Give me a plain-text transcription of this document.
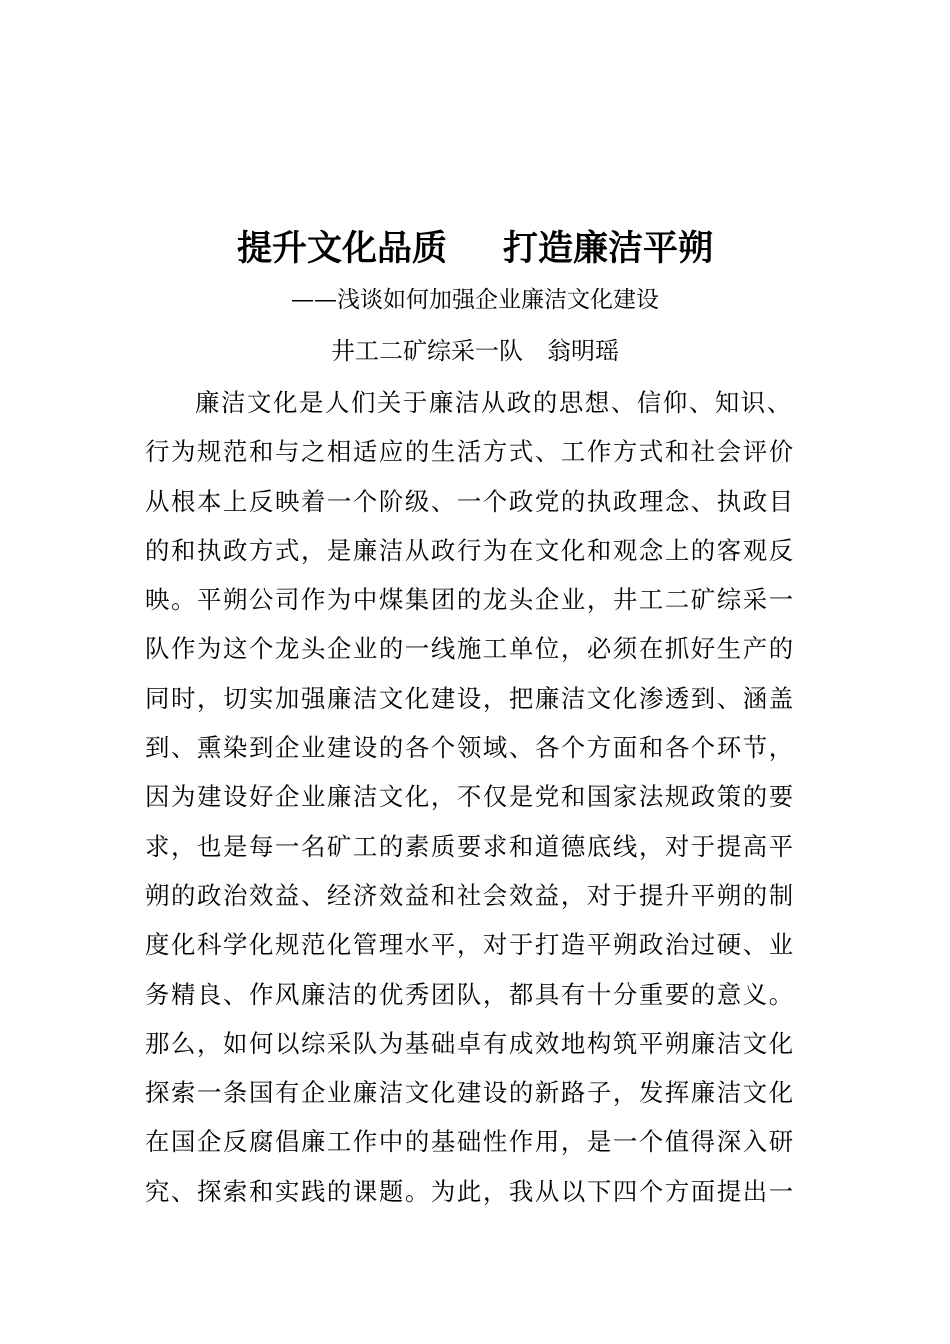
提升文化品质 打造廉洁平朔
——浅谈如何加强企业廉洁文化建设
井工二矿综采一队 翁明瑶
廉洁文化是人们关于廉洁从政的思想、信仰、知识、
行为规范和与之相适应的生活方式、工作方式和社会评价
从根本上反映着一个阶级、一个政党的执政理念、执政目
的和执政方式，是廉洁从政行为在文化和观念上的客观反
映。平朔公司作为中煤集团的龙头企业，井工二矿综采一
队作为这个龙头企业的一线施工单位，必须在抓好生产的
同时，切实加强廉洁文化建设，把廉洁文化渗透到、涵盖
到、熏染到企业建设的各个领域、各个方面和各个环节，
因为建设好企业廉洁文化，不仅是党和国家法规政策的要
求，也是每一名矿工的素质要求和道德底线，对于提高平
朔的政治效益、经济效益和社会效益，对于提升平朔的制
度化科学化规范化管理水平，对于打造平朔政治过硬、业
务精良、作风廉洁的优秀团队，都具有十分重要的意义。
那么，如何以综采队为基础卓有成效地构筑平朔廉洁文化
探索一条国有企业廉洁文化建设的新路子，发挥廉洁文化
在国企反腐倡廉工作中的基础性作用，是一个值得深入研
究、探索和实践的课题。为此，我从以下四个方面提出一
